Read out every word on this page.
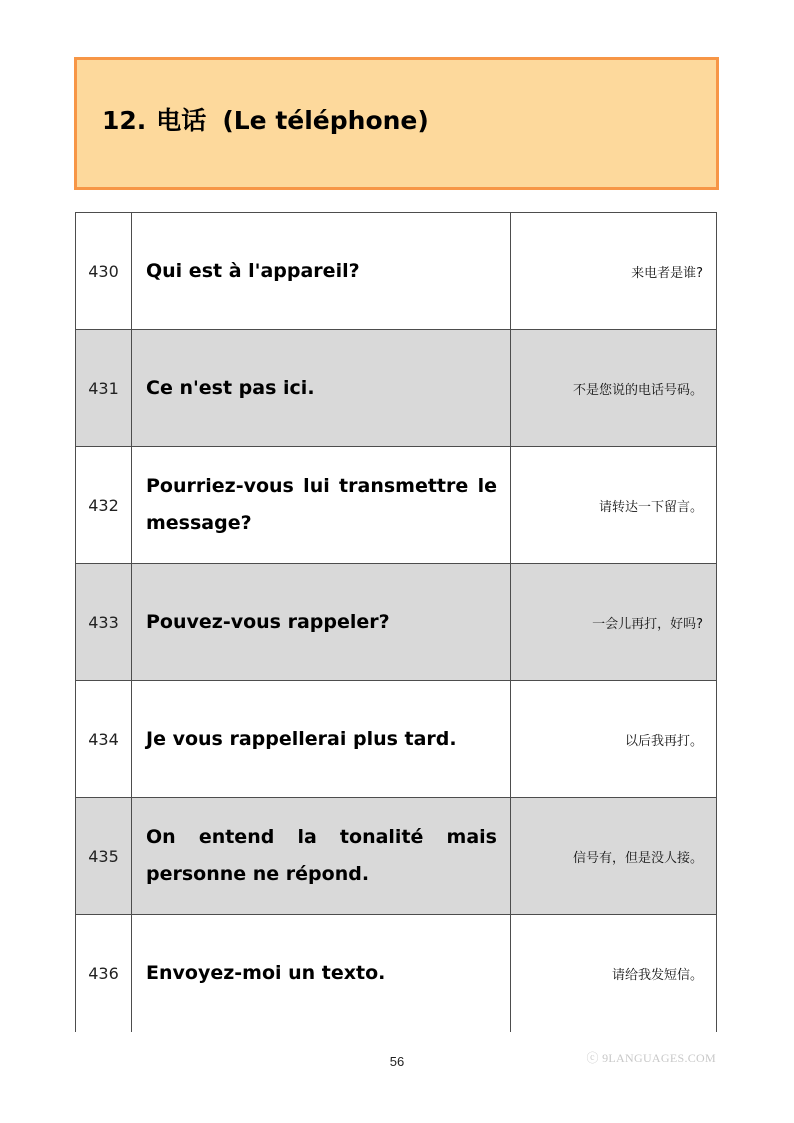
12. 电话 (Le téléphone)
430	Qui est à l'appareil?	来电者是谁?
431	Ce n'est pas ici.	不是您说的电话号码。
432	Pourriez-vous lui transmettre le message?	请转达一下留言。
433	Pouvez-vous rappeler?	一会儿再打，好吗?
434	Je vous rappellerai plus tard.	以后我再打。
435	On entend la tonalité mais personne ne répond.	信号有，但是没人接。
436	Envoyez-moi un texto.	请给我发短信。
56	ⓒ 9LANGUAGES.COM
